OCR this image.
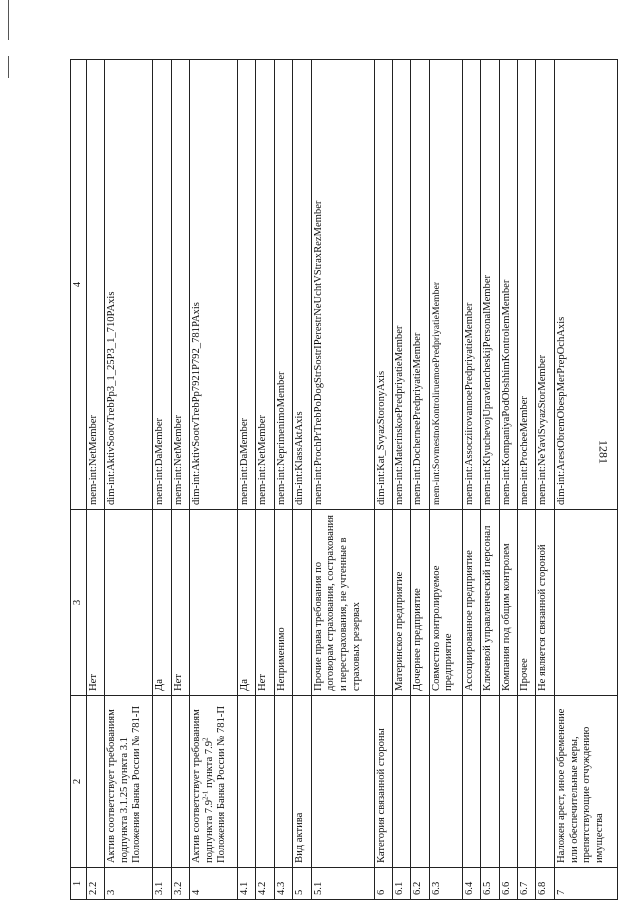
1281
1	2	3	4
2.2		Нет	mem-int:NetMember
3	Актив соответствует требованиям подпункта 3.1.25 пункта 3.1 Положения Банка России № 781-П		dim-int:AktivSootvTrebPp3_1_25P3_1_710PAxis
3.1		Да	mem-int:DaMember
3.2		Нет	mem-int:NetMember
4	Актив соответствует требованиям подпункта 7.9$^{2-1}$ пункта $7.9^2$ Положения Банка России № 781-П		dim-int:AktivSootvTrebPp7921P792_781PAxis
4.1		Да	mem-int:DaMember
4.2		Нет	mem-int:NetMember
4.3		Неприменимо	mem-int:NeprimenimoMember
5	Вид актива		dim-int:KlassAktAxis
5.1		Прочие права требования по договорам страхования, сострахования и перестрахования, не учтенные в страховых резервах	mem-int:ProchPrTrebPoDogStrSostrIPerestrNeUchtVStraxRezMember
6	Категория связанной стороны		dim-int:Kat_SvyazStoronyAxis
6.1		Материнское предприятие	mem-int:MaterinskoePredpriyatieMember
6.2		Дочернее предприятие	mem-int:DocherneePredpriyatieMember
6.3		Совместно контролируемое предприятие	mem-int:SovmestnoKontroliruemoePredpriyatieMember
6.4		Ассоциированное предприятие	mem-int:AssocziirovannoePredpriyatieMember
6.5		Ключевой управленческий персонал	mem-int:KlyuchevojUpravlencheskijPersonalMember
6.6		Компания под общим контролем	mem-int:KompaniyaPodObshhimKontrolemMember
6.7		Прочее	mem-int:ProcheeMember
6.8		Не является связанной стороной	mem-int:NeYavlSvyazStorMember
7	Наложен арест, иное обременение или обеспечительные меры, препятствующие отчуждению имущества		dim-int:ArestObremObespMerPrepOchAxis
